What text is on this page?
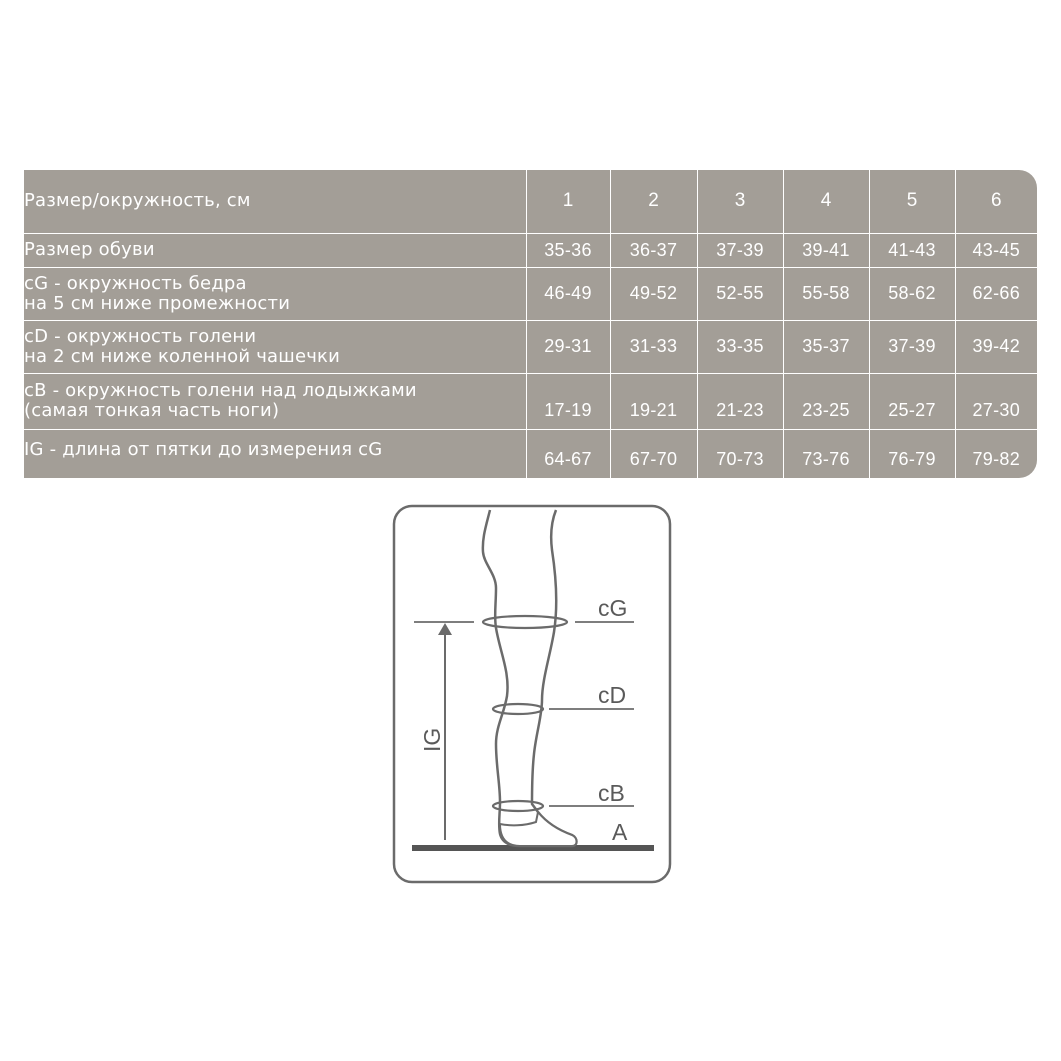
Размер/окружность, см	1	2	3	4	5	6

Размер обуви	35-36	36-37	37-39	39-41	41-43	43-45

cG - окружность бедра
на 5 см ниже промежности	46-49	49-52	52-55	55-58	58-62	62-66

cD - окружность голени
на 2 см ниже коленной чашечки	29-31	31-33	33-35	35-37	37-39	39-42

cB - окружность голени над лодыжками
(самая тонкая часть ноги)	17-19	19-21	21-23	23-25	25-27	27-30

IG - длина от пятки до измерения cG	64-67	67-70	70-73	73-76	76-79	79-82
cG
cD
cB
A
IG
